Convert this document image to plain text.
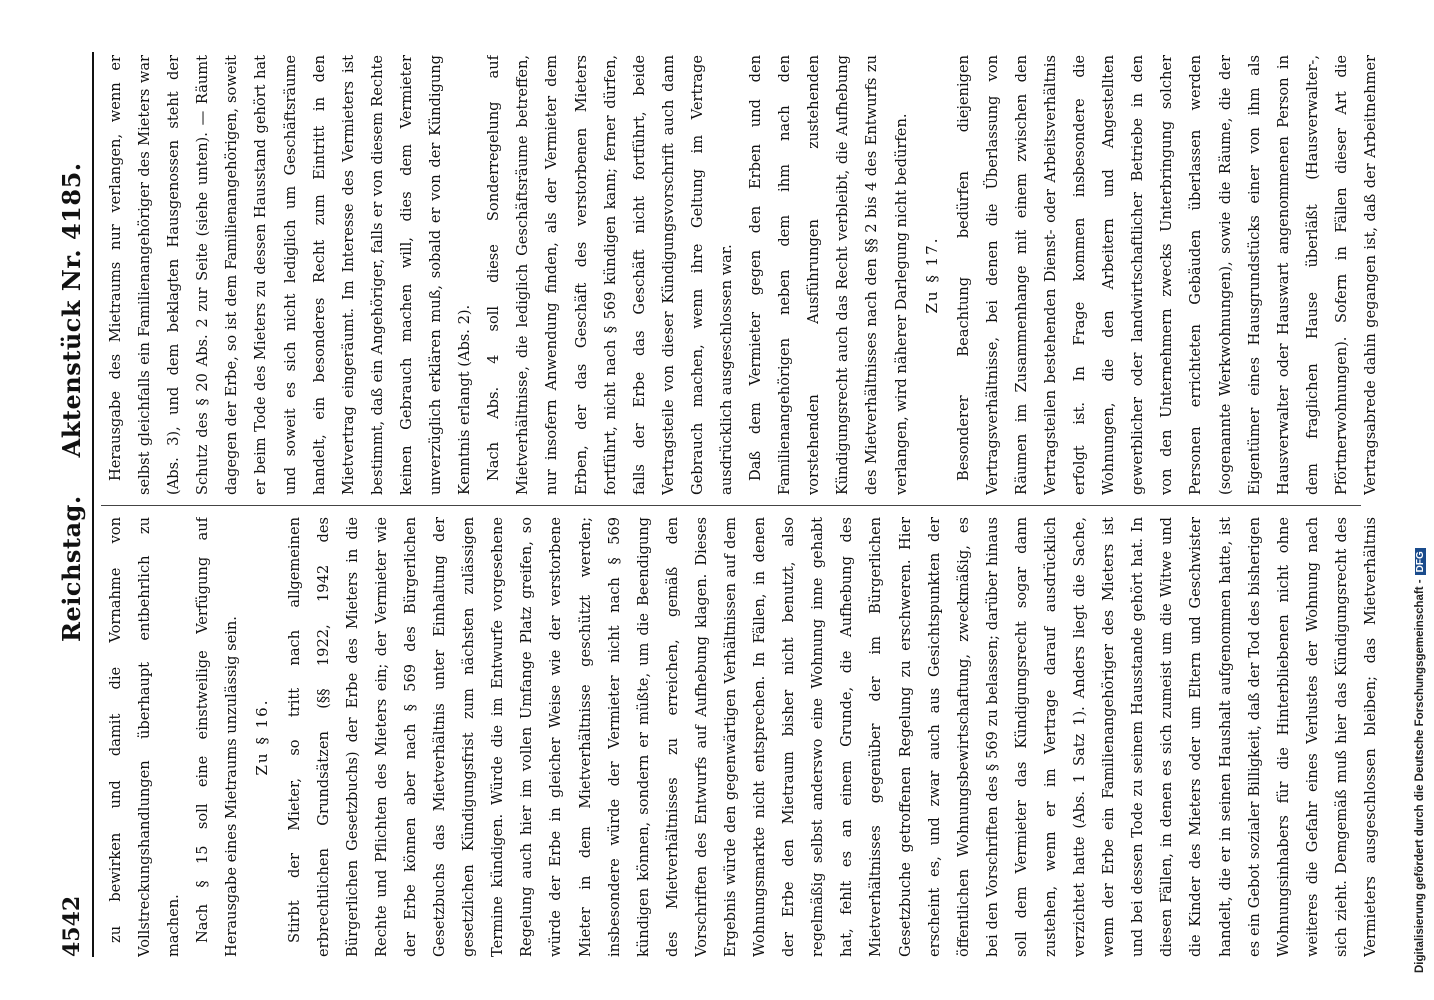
4542
Reichstag.Aktenstück Nr. 4185.

zu bewirken und damit die Vornahme von Vollstreckungshandlungen überhaupt entbehrlich zu machen. Nach § 15 soll eine einstweilige Verfügung auf Herausgabe eines Mietraums unzulässig sein. Zu § 16.

Stirbt der Mieter, so tritt nach allgemeinen erbrechtlichen Grundsätzen (§§ 1922, 1942 des Bürgerlichen Gesetzbuchs) der Erbe des Mieters in die Rechte und Pflichten des Mieters ein; der Vermieter wie der Erbe können aber nach § 569 des Bürgerlichen Gesetzbuchs das Mietverhältnis unter Einhaltung der gesetzlichen Kündigungsfrist zum nächsten zulässigen Termine kündigen. Würde die im Entwurfe vorgesehene Regelung auch hier im vollen Umfange Platz greifen, so würde der Erbe in gleicher Weise wie der verstorbene Mieter in dem Mietverhältnisse geschützt werden; insbesondere würde der Vermieter nicht nach § 569 kündigen können, sondern er müßte, um die Beendigung des Mietverhältnisses zu erreichen, gemäß den Vorschriften des Entwurfs auf Aufhebung klagen. Dieses Ergebnis würde den gegenwärtigen Verhältnissen auf dem Wohnungsmarkte nicht entsprechen. In Fällen, in denen der Erbe den Mietraum bisher nicht benutzt, also regelmäßig selbst anderswo eine Wohnung inne gehabt hat, fehlt es an einem Grunde, die Aufhebung des Mietverhältnisses gegenüber der im Bürgerlichen Gesetzbuche getroffenen Regelung zu erschweren. Hier erscheint es, und zwar auch aus Gesichtspunkten der öffentlichen Wohnungsbewirtschaftung, zweckmäßig, es bei den Vorschriften des § 569 zu belassen; darüber hinaus soll dem Vermieter das Kündigungsrecht sogar dann zustehen, wenn er im Vertrage darauf ausdrücklich verzichtet hatte (Abs. 1 Satz 1). Anders liegt die Sache, wenn der Erbe ein Familienangehöriger des Mieters ist und bei dessen Tode zu seinem Hausstande gehört hat. In diesen Fällen, in denen es sich zumeist um die Witwe und die Kinder des Mieters oder um Eltern und Geschwister handelt, die er in seinen Haushalt aufgenommen hatte, ist es ein Gebot sozialer Billigkeit, daß der Tod des bisherigen Wohnungsinhabers für die Hinterbliebenen nicht ohne weiteres die Gefahr eines Verlustes der Wohnung nach sich zieht. Demgemäß muß hier das Kündigungsrecht des Vermieters ausgeschlossen bleiben; das Mietverhältnis

Herausgabe des Mietraums nur verlangen, wenn er selbst gleichfalls ein Familienangehöriger des Mieters war (Abs. 3), und dem beklagten Hausgenossen steht der Schutz des § 20 Abs. 2 zur Seite (siehe unten). — Räumt dagegen der Erbe, so ist dem Familienangehörigen, soweit er beim Tode des Mieters zu dessen Hausstand gehört hat und soweit es sich nicht lediglich um Geschäftsräume handelt, ein besonderes Recht zum Eintritt in den Mietvertrag eingeräumt. Im Interesse des Vermieters ist bestimmt, daß ein Angehöriger, falls er von diesem Rechte keinen Gebrauch machen will, dies dem Vermieter unverzüglich erklären muß, sobald er von der Kündigung Kenntnis erlangt (Abs. 2). Nach Abs. 4 soll diese Sonderregelung auf Mietverhältnisse, die lediglich Geschäftsräume betreffen, nur insofern Anwendung finden, als der Vermieter dem Erben, der das Geschäft des verstorbenen Mieters fortführt, nicht nach § 569 kündigen kann; ferner dürfen, falls der Erbe das Geschäft nicht fortführt, beide Vertragsteile von dieser Kündigungsvorschrift auch dann Gebrauch machen, wenn ihre Geltung im Vertrage ausdrücklich ausgeschlossen war. Daß dem Vermieter gegen den Erben und den Familienangehörigen neben dem ihm nach den vorstehenden Ausführungen zustehenden Kündigungsrecht auch das Recht verbleibt, die Aufhebung des Mietverhältnisses nach den §§ 2 bis 4 des Entwurfs zu verlangen, wird näherer Darlegung nicht bedürfen. Zu § 17.

Besonderer Beachtung bedürfen diejenigen Vertragsverhältnisse, bei denen die Überlassung von Räumen im Zusammenhange mit einem zwischen den Vertragsteilen bestehenden Dienst- oder Arbeitsverhältnis erfolgt ist. In Frage kommen insbesondere die Wohnungen, die den Arbeitern und Angestellten gewerblicher oder landwirtschaftlicher Betriebe in den von den Unternehmern zwecks Unterbringung solcher Personen errichteten Gebäuden überlassen werden (sogenannte Werkwohnungen), sowie die Räume, die der Eigentümer eines Hausgrundstücks einer von ihm als Hausverwalter oder Hauswart angenommenen Person in dem fraglichen Hause überläßt (Hausverwalter-, Pförtnerwohnungen). Sofern in Fällen dieser Art die Vertragsabrede dahin gegangen ist, daß der Arbeitnehmer

Digitalisierung gefördert durch die Deutsche Forschungsgemeinschaft -DFG
